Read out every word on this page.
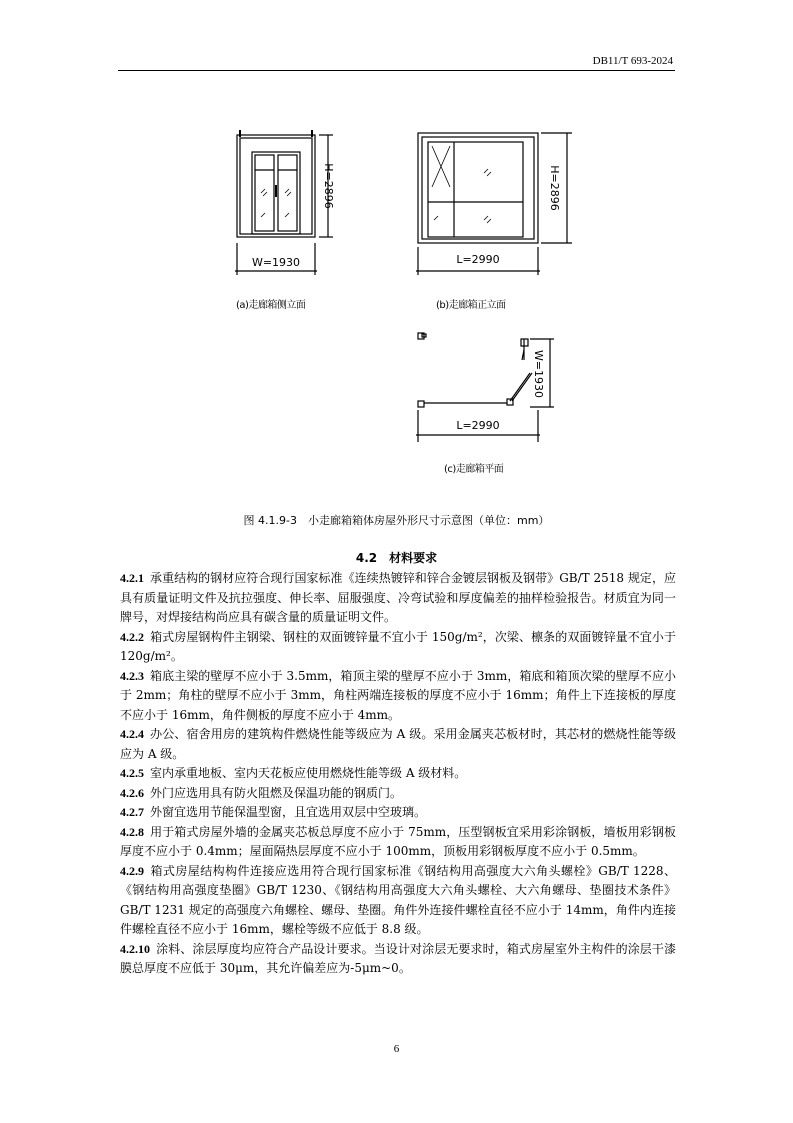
DB11/T 693-2024
H=2896
W=1930
(a)走廊箱侧立面
H=2896
L=2990
(b)走廊箱正立面
W=1930
L=2990
(c)走廊箱平面
图 4.1.9-3　小走廊箱箱体房屋外形尺寸示意图（单位：mm）
4.2　材料要求

4.2.1 承重结构的钢材应符合现行国家标准《连续热镀锌和锌合金镀层钢板及钢带》GB/T 2518 规定，应具有质量证明文件及抗拉强度、伸长率、屈服强度、冷弯试验和厚度偏差的抽样检验报告。材质宜为同一牌号，对焊接结构尚应具有碳含量的质量证明文件。

4.2.2 箱式房屋钢构件主钢梁、钢柱的双面镀锌量不宜小于 150g/m²，次梁、檩条的双面镀锌量不宜小于 120g/m²。

4.2.3 箱底主梁的壁厚不应小于 3.5mm，箱顶主梁的壁厚不应小于 3mm，箱底和箱顶次梁的壁厚不应小于 2mm；角柱的壁厚不应小于 3mm，角柱两端连接板的厚度不应小于 16mm；角件上下连接板的厚度不应小于 16mm，角件侧板的厚度不应小于 4mm。

4.2.4 办公、宿舍用房的建筑构件燃烧性能等级应为 A 级。采用金属夹芯板材时，其芯材的燃烧性能等级应为 A 级。

4.2.5 室内承重地板、室内天花板应使用燃烧性能等级 A 级材料。

4.2.6 外门应选用具有防火阻燃及保温功能的钢质门。

4.2.7 外窗宜选用节能保温型窗，且宜选用双层中空玻璃。

4.2.8 用于箱式房屋外墙的金属夹芯板总厚度不应小于 75mm，压型钢板宜采用彩涂钢板，墙板用彩钢板厚度不应小于 0.4mm；屋面隔热层厚度不应小于 100mm，顶板用彩钢板厚度不应小于 0.5mm。

4.2.9 箱式房屋结构构件连接应选用符合现行国家标准《钢结构用高强度大六角头螺栓》GB/T 1228、《钢结构用高强度垫圈》GB/T 1230、《钢结构用高强度大六角头螺栓、大六角螺母、垫圈技术条件》GB/T 1231 规定的高强度六角螺栓、螺母、垫圈。角件外连接件螺栓直径不应小于 14mm，角件内连接件螺栓直径不应小于 16mm，螺栓等级不应低于 8.8 级。

4.2.10 涂料、涂层厚度均应符合产品设计要求。当设计对涂层无要求时，箱式房屋室外主构件的涂层干漆膜总厚度不应低于 30μm，其允许偏差应为-5μm~0。

6
